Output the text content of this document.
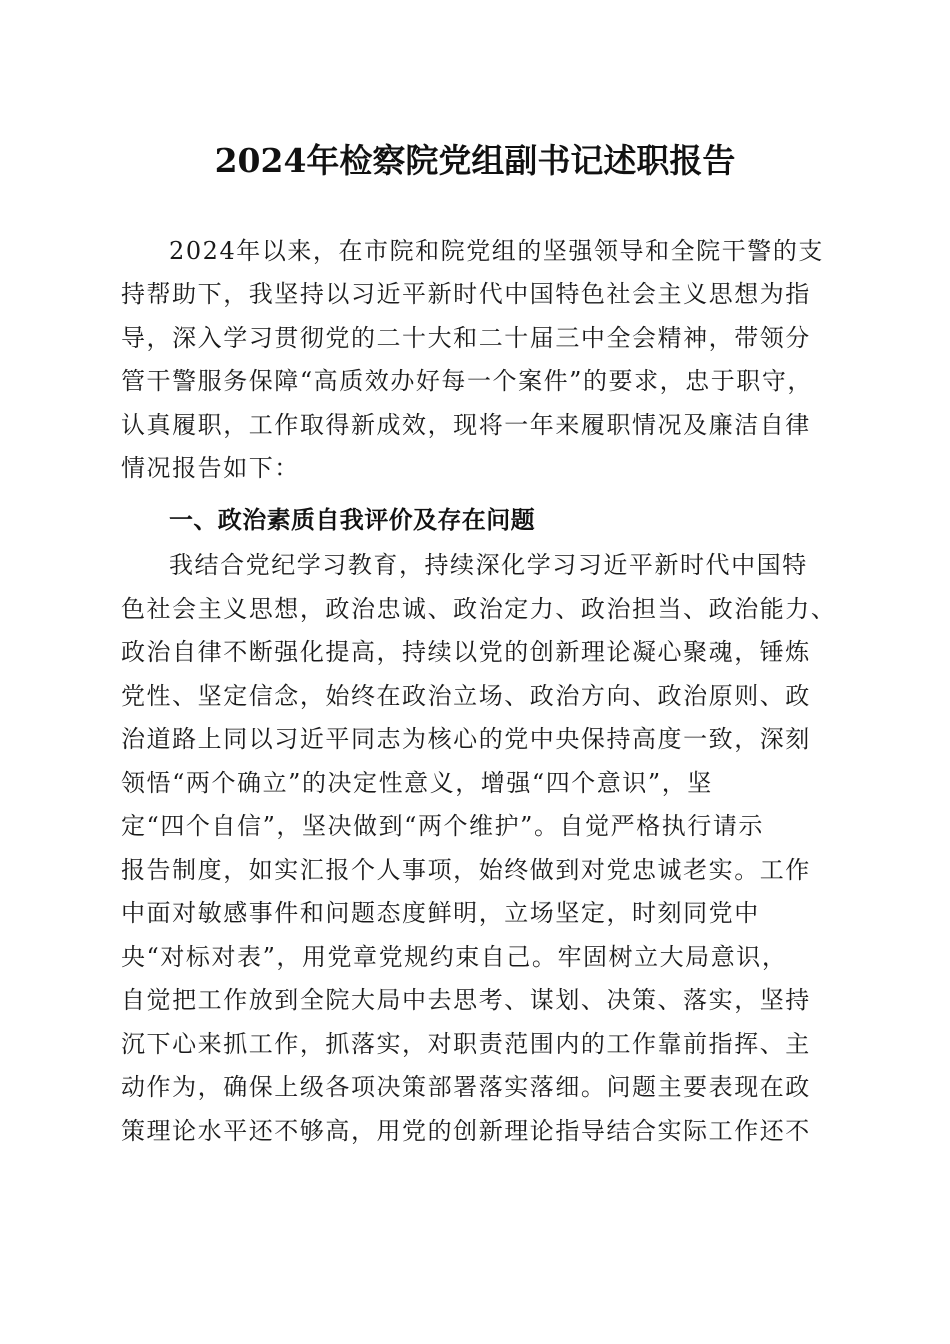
2024年检察院党组副书记述职报告

2024年以来，在市院和院党组的坚强领导和全院干警的支

持帮助下，我坚持以习近平新时代中国特色社会主义思想为指

导，深入学习贯彻党的二十大和二十届三中全会精神，带领分

管干警服务保障“高质效办好每一个案件”的要求，忠于职守，

认真履职，工作取得新成效，现将一年来履职情况及廉洁自律

情况报告如下：

一、政治素质自我评价及存在问题

我结合党纪学习教育，持续深化学习习近平新时代中国特

色社会主义思想，政治忠诚、政治定力、政治担当、政治能力、

政治自律不断强化提高，持续以党的创新理论凝心聚魂，锤炼

党性、坚定信念，始终在政治立场、政治方向、政治原则、政

治道路上同以习近平同志为核心的党中央保持高度一致，深刻

领悟“两个确立”的决定性意义，增强“四个意识”，坚

定“四个自信”，坚决做到“两个维护”。自觉严格执行请示

报告制度，如实汇报个人事项，始终做到对党忠诚老实。工作

中面对敏感事件和问题态度鲜明，立场坚定，时刻同党中

央“对标对表”，用党章党规约束自己。牢固树立大局意识，

自觉把工作放到全院大局中去思考、谋划、决策、落实，坚持

沉下心来抓工作，抓落实，对职责范围内的工作靠前指挥、主

动作为，确保上级各项决策部署落实落细。问题主要表现在政

策理论水平还不够高，用党的创新理论指导结合实际工作还不
